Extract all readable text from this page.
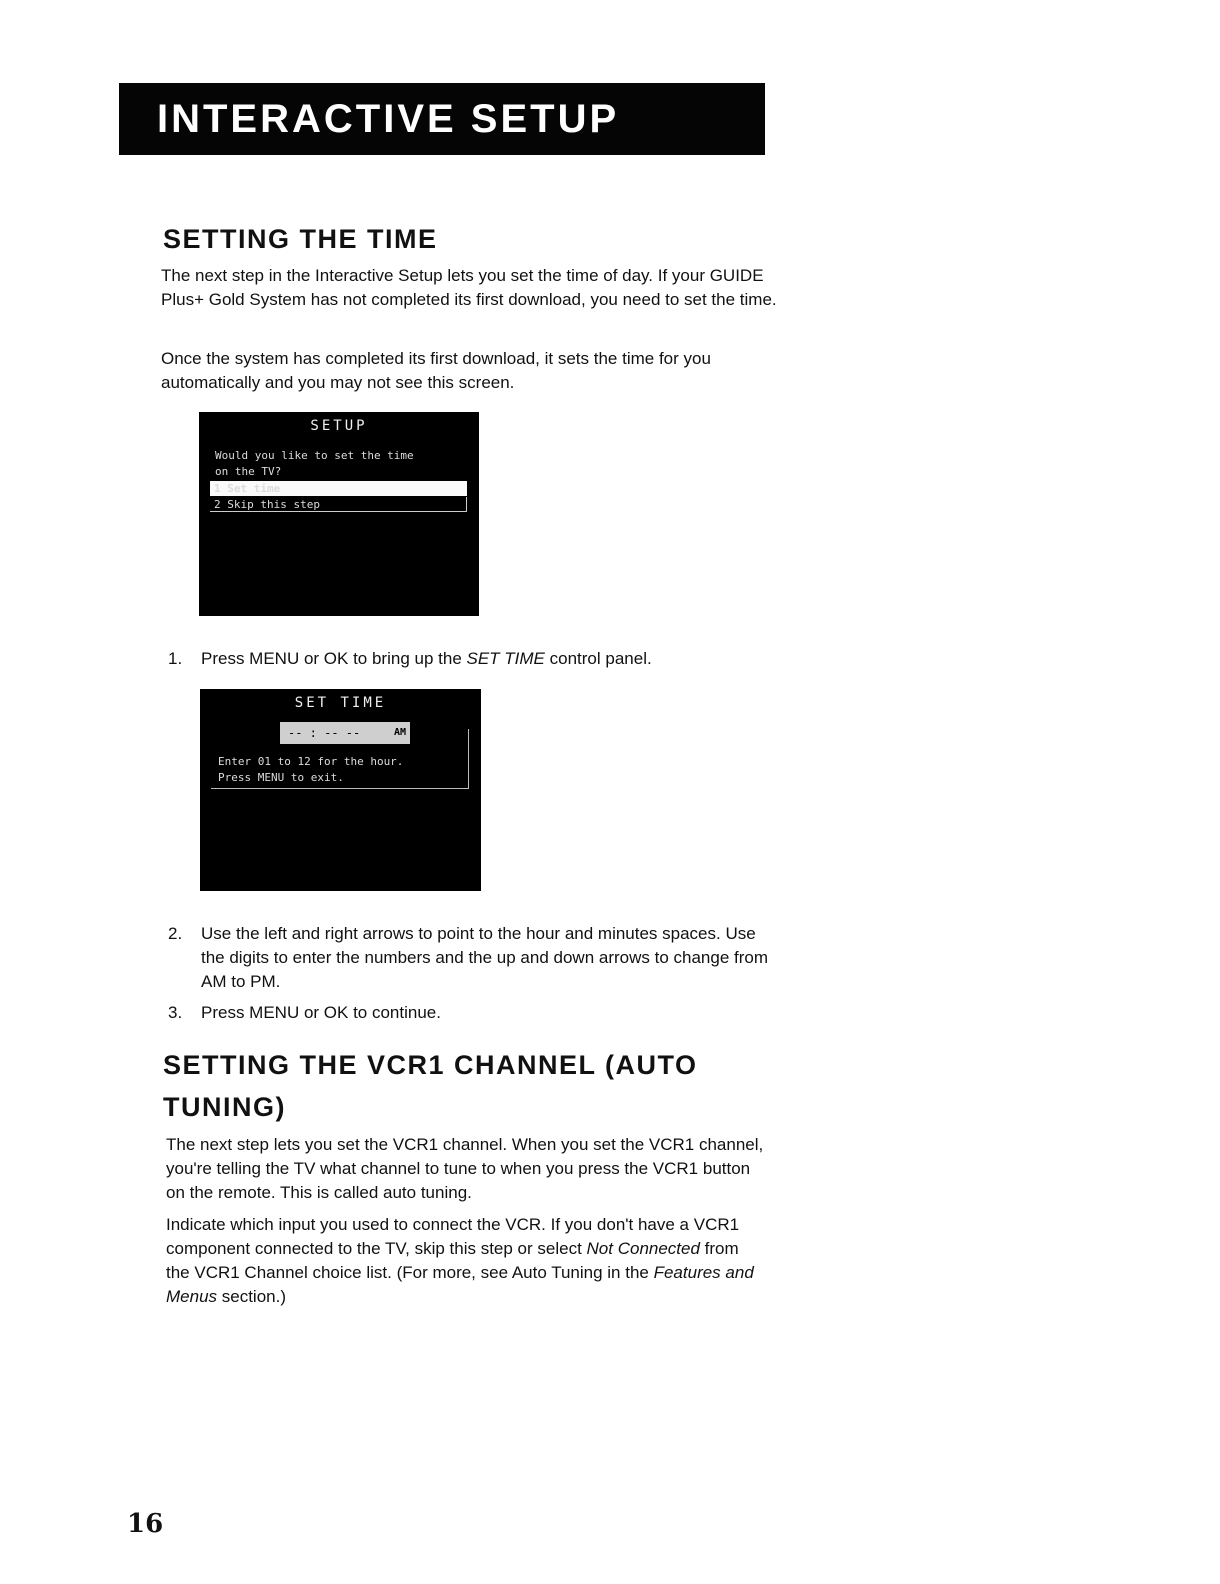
INTERACTIVE SETUP
SETTING THE TIME

The next step in the Interactive Setup lets you set the time of day. If your GUIDE Plus+ Gold System has not completed its first download, you need to set the time.

Once the system has completed its first download, it sets the time for you automatically and you may not see this screen.

SETUP
Would you like to set the time
on the TV?
1 Set time
2 Skip this step
1. Press MENU or OK to bring up the SET TIME control panel.
SET TIME
-- : -- --	AM
Enter 01 to 12 for the hour.
Press MENU to exit.
2. Use the left and right arrows to point to the hour and minutes spaces. Use the digits to enter the numbers and the up and down arrows to change from AM to PM.
3. Press MENU or OK to continue.
SETTING THE VCR1 CHANNEL (AUTO
TUNING)

The next step lets you set the VCR1 channel. When you set the VCR1 channel, you're telling the TV what channel to tune to when you press the VCR1 button on the remote. This is called auto tuning.

Indicate which input you used to connect the VCR. If you don't have a VCR1 component connected to the TV, skip this step or select Not Connected from the VCR1 Channel choice list. (For more, see Auto Tuning in the Features and Menus section.)

16
